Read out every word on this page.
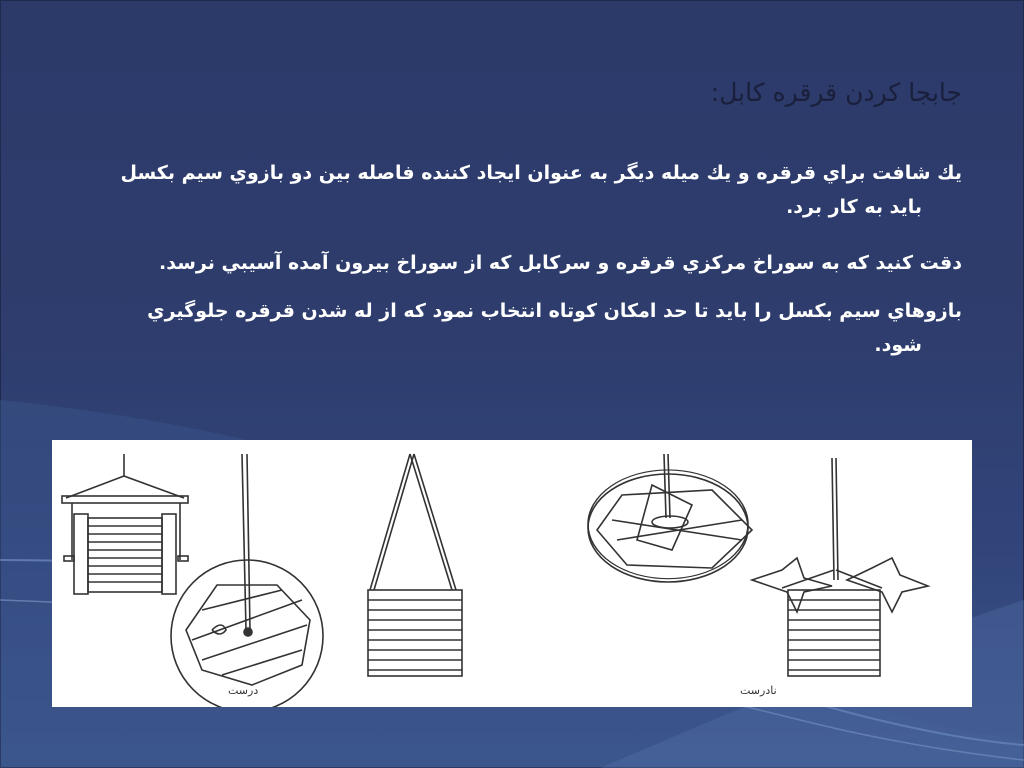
جابجا کردن قرقره کابل:
يك شافت براي قرقره و يك ميله ديگر به عنوان ايجاد كننده فاصله بين دو بازوي سيم بكسل
بايد به كار برد.
دقت كنيد كه به سوراخ مركزي قرقره و سركابل كه از سوراخ بيرون آمده آسيبي نرسد.
بازوهاي سيم بكسل را بايد تا حد امكان كوتاه انتخاب نمود كه از له شدن قرقره جلوگيري
شود.
درست	نادرست
